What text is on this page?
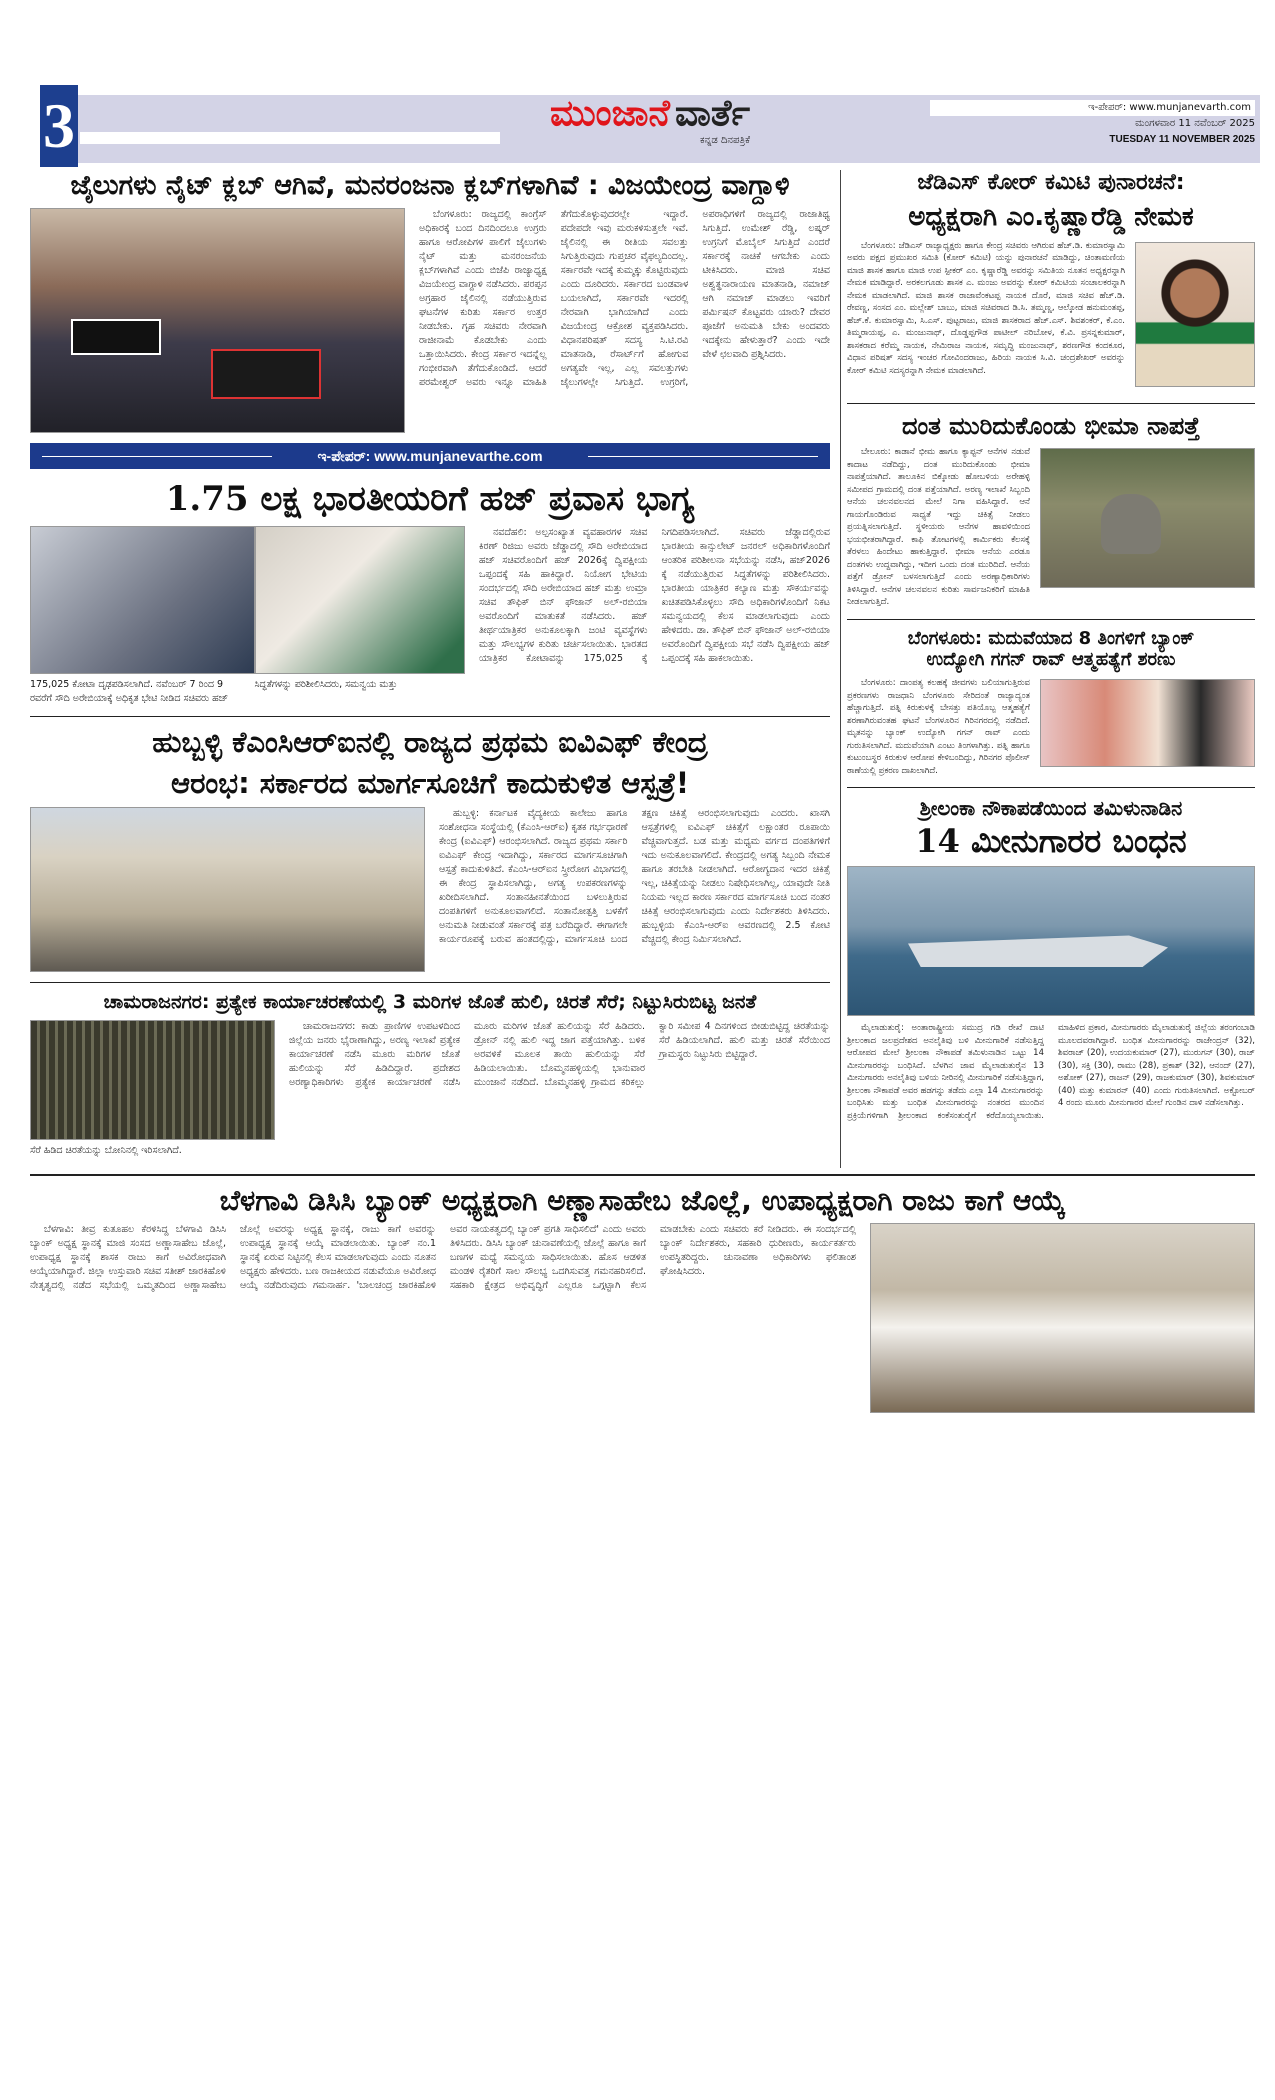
3	ಮುಂಜಾನೆ ವಾರ್ತೆ
ಕನ್ನಡ ದಿನಪತ್ರಿಕೆ
ಇ-ಪೇಪರ್: www.munjanevarth.com
ಮಂಗಳವಾರ 11 ನವೆಂಬರ್ 2025
TUESDAY 11 NOVEMBER 2025
ಜೈಲುಗಳು ನೈಟ್ ಕ್ಲಬ್ ಆಗಿವೆ, ಮನರಂಜನಾ ಕ್ಲಬ್‌ಗಳಾಗಿವೆ : ವಿಜಯೇಂದ್ರ ವಾಗ್ದಾಳಿ

ಬೆಂಗಳೂರು: ರಾಜ್ಯದಲ್ಲಿ ಕಾಂಗ್ರೆಸ್ ಅಧಿಕಾರಕ್ಕೆ ಬಂದ ದಿನದಿಂದಲೂ ಉಗ್ರರು ಹಾಗೂ ಆರೋಪಿಗಳ ಪಾಲಿಗೆ ಜೈಲುಗಳು ನೈಟ್ ಮತ್ತು ಮನರಂಜನೆಯ ಕ್ಲಬ್‌ಗಳಾಗಿವೆ ಎಂದು ಬಿಜೆಪಿ ರಾಜ್ಯಾಧ್ಯಕ್ಷ ವಿಜಯೇಂದ್ರ ವಾಗ್ದಾಳಿ ನಡೆಸಿದರು. ಪರಪ್ಪನ ಅಗ್ರಹಾರ ಜೈಲಿನಲ್ಲಿ ನಡೆಯುತ್ತಿರುವ ಘಟನೆಗಳ ಕುರಿತು ಸರ್ಕಾರ ಉತ್ತರ ನೀಡಬೇಕು. ಗೃಹ ಸಚಿವರು ನೇರವಾಗಿ ರಾಜೀನಾಮೆ ಕೊಡಬೇಕು ಎಂದು ಒತ್ತಾಯಿಸಿದರು. ಕೇಂದ್ರ ಸರ್ಕಾರ ಇದನ್ನೆಲ್ಲ ಗಂಭೀರವಾಗಿ ತೆಗೆದುಕೊಂಡಿದೆ. ಆದರೆ ಪರಮೇಶ್ವರ್ ಅವರು ಇನ್ನೂ ಮಾಹಿತಿ ತೆಗೆದುಕೊಳ್ಳುವುದರಲ್ಲೇ ಇದ್ದಾರೆ. ಪದೇಪದೇ ಇವು ಮರುಕಳಿಸುತ್ತಲೇ ಇವೆ. ಜೈಲಿನಲ್ಲಿ ಈ ರೀತಿಯ ಸವಲತ್ತು ಸಿಗುತ್ತಿರುವುದು ಗುಪ್ತಚರ ವೈಫಲ್ಯದಿಂದಲ್ಲ. ಸರ್ಕಾರವೇ ಇದಕ್ಕೆ ಕುಮ್ಮಕ್ಕು ಕೊಟ್ಟಿರುವುದು ಎಂದು ದೂರಿದರು. ಸರ್ಕಾರದ ಬಂಡವಾಳ ಬಯಲಾಗಿದೆ, ಸರ್ಕಾರವೇ ಇದರಲ್ಲಿ ನೇರವಾಗಿ ಭಾಗಿಯಾಗಿದೆ ಎಂದು ವಿಜಯೇಂದ್ರ ಆಕ್ರೋಶ ವ್ಯಕ್ತಪಡಿಸಿದರು. ವಿಧಾನಪರಿಷತ್ ಸದಸ್ಯ ಸಿ.ಟಿ.ರವಿ ಮಾತನಾಡಿ, ರೆಸಾರ್ಟ್‌ಗೆ ಹೋಗುವ ಅಗತ್ಯವೇ ಇಲ್ಲ, ಎಲ್ಲ ಸವಲತ್ತುಗಳು ಜೈಲುಗಳಲ್ಲೇ ಸಿಗುತ್ತಿದೆ. ಉಗ್ರರಿಗೆ, ಅಪರಾಧಿಗಳಿಗೆ ರಾಜ್ಯದಲ್ಲಿ ರಾಜಾತಿಥ್ಯ ಸಿಗುತ್ತಿದೆ. ಉಮೇಶ್ ರೆಡ್ಡಿ, ಲಷ್ಕರ್ ಉಗ್ರನಿಗೆ ಮೊಬೈಲ್ ಸಿಗುತ್ತಿದೆ ಎಂದರೆ ಸರ್ಕಾರಕ್ಕೆ ನಾಚಿಕೆ ಆಗಬೇಕು ಎಂದು ಟೀಕಿಸಿದರು. ಮಾಜಿ ಸಚಿವ ಅಶ್ವತ್ಥನಾರಾಯಣ ಮಾತನಾಡಿ, ನಮಾಜ್ ಆಗಿ ನಮಾಜ್ ಮಾಡಲು ಇವರಿಗೆ ಪರ್ಮಿಷನ್ ಕೊಟ್ಟವರು ಯಾರು? ದೇವರ ಪೂಜೆಗೆ ಅನುಮತಿ ಬೇಕು ಅಂದವರು ಇದಕ್ಕೇನು ಹೇಳುತ್ತಾರೆ? ಎಂದು ಇದೇ ವೇಳೆ ಛಲವಾದಿ ಪ್ರಶ್ನಿಸಿದರು.

ಇ-ಪೇಪರ್: www.munjanevarthe.com
1.75 ಲಕ್ಷ ಭಾರತೀಯರಿಗೆ ಹಜ್ ಪ್ರವಾಸ ಭಾಗ್ಯ
175,025 ಕೋಟಾ ದೃಢಪಡಿಸಲಾಗಿದೆ. ನವೆಂಬರ್ 7 ರಿಂದ 9 ರವರೆಗೆ ಸೌದಿ ಅರೇಬಿಯಾಕ್ಕೆ ಅಧಿಕೃತ ಭೇಟಿ ನೀಡಿದ ಸಚಿವರು ಹಜ್ ಸಿದ್ಧತೆಗಳನ್ನು ಪರಿಶೀಲಿಸಿದರು, ಸಮನ್ವಯ ಮತ್ತು

ನವದೆಹಲಿ: ಅಲ್ಪಸಂಖ್ಯಾತ ವ್ಯವಹಾರಗಳ ಸಚಿವ ಕಿರಣ್ ರಿಜಿಜು ಅವರು ಜೆಡ್ಡಾದಲ್ಲಿ ಸೌದಿ ಅರೇಬಿಯಾದ ಹಜ್ ಸಚಿವರೊಂದಿಗೆ ಹಜ್ 2026ಕ್ಕೆ ದ್ವಿಪಕ್ಷೀಯ ಒಪ್ಪಂದಕ್ಕೆ ಸಹಿ ಹಾಕಿದ್ದಾರೆ. ನಿಯೋಗ ಭೇಟಿಯ ಸಂದರ್ಭದಲ್ಲಿ ಸೌದಿ ಅರೇಬಿಯಾದ ಹಜ್ ಮತ್ತು ಉಮ್ರಾ ಸಚಿವ ತೌಫಿಕ್ ಬಿನ್ ಫೌಜಾನ್ ಅಲ್-ರಬಿಯಾ ಅವರೊಂದಿಗೆ ಮಾತುಕತೆ ನಡೆಸಿದರು. ಹಜ್ ತೀರ್ಥಯಾತ್ರಿಕರ ಅನುಕೂಲಕ್ಕಾಗಿ ಜಂಟಿ ವ್ಯವಸ್ಥೆಗಳು ಮತ್ತು ಸೌಲಭ್ಯಗಳ ಕುರಿತು ಚರ್ಚಿಸಲಾಯಿತು. ಭಾರತದ ಯಾತ್ರಿಕರ ಕೋಟಾವನ್ನು 175,025 ಕ್ಕೆ ನಿಗದಿಪಡಿಸಲಾಗಿದೆ. ಸಚಿವರು ಜೆಡ್ಡಾದಲ್ಲಿರುವ ಭಾರತೀಯ ಕಾನ್ಸುಲೇಟ್ ಜನರಲ್ ಅಧಿಕಾರಿಗಳೊಂದಿಗೆ ಆಂತರಿಕ ಪರಿಶೀಲನಾ ಸಭೆಯನ್ನು ನಡೆಸಿ, ಹಜ್2026 ಕ್ಕೆ ನಡೆಯುತ್ತಿರುವ ಸಿದ್ಧತೆಗಳನ್ನು ಪರಿಶೀಲಿಸಿದರು. ಭಾರತೀಯ ಯಾತ್ರಿಕರ ಕಲ್ಯಾಣ ಮತ್ತು ಸೌಕರ್ಯವನ್ನು ಖಚಿತಪಡಿಸಿಕೊಳ್ಳಲು ಸೌದಿ ಅಧಿಕಾರಿಗಳೊಂದಿಗೆ ನಿಕಟ ಸಮನ್ವಯದಲ್ಲಿ ಕೆಲಸ ಮಾಡಲಾಗುವುದು ಎಂದು ಹೇಳಿದರು. ಡಾ. ತೌಫಿಕ್ ಬಿನ್ ಫೌಜಾನ್ ಅಲ್-ರಬಿಯಾ ಅವರೊಂದಿಗೆ ದ್ವಿಪಕ್ಷೀಯ ಸಭೆ ನಡೆಸಿ ದ್ವಿಪಕ್ಷೀಯ ಹಜ್ ಒಪ್ಪಂದಕ್ಕೆ ಸಹಿ ಹಾಕಲಾಯಿತು.

ಹುಬ್ಬಳ್ಳಿ ಕೆಎಂಸಿಆರ್‌ಐನಲ್ಲಿ ರಾಜ್ಯದ ಪ್ರಥಮ ಐವಿಎಫ್ ಕೇಂದ್ರ
ಆರಂಭ: ಸರ್ಕಾರದ ಮಾರ್ಗಸೂಚಿಗೆ ಕಾದುಕುಳಿತ ಆಸ್ಪತ್ರೆ!

ಹುಬ್ಬಳ್ಳಿ: ಕರ್ನಾಟಕ ವೈದ್ಯಕೀಯ ಕಾಲೇಜು ಹಾಗೂ ಸಂಶೋಧನಾ ಸಂಸ್ಥೆಯಲ್ಲಿ (ಕೆಎಂಸಿ-ಆರ್‌ಐ) ಕೃತಕ ಗರ್ಭಧಾರಣೆ ಕೇಂದ್ರ (ಐವಿಎಫ್) ಆರಂಭಿಸಲಾಗಿದೆ. ರಾಜ್ಯದ ಪ್ರಥಮ ಸರ್ಕಾರಿ ಐವಿಎಫ್ ಕೇಂದ್ರ ಇದಾಗಿದ್ದು, ಸರ್ಕಾರದ ಮಾರ್ಗಸೂಚಿಗಾಗಿ ಆಸ್ಪತ್ರೆ ಕಾದುಕುಳಿತಿದೆ. ಕೆಎಂಸಿ-ಆರ್‌ಐನ ಸ್ತ್ರೀರೋಗ ವಿಭಾಗದಲ್ಲಿ ಈ ಕೇಂದ್ರ ಸ್ಥಾಪಿಸಲಾಗಿದ್ದು, ಅಗತ್ಯ ಉಪಕರಣಗಳನ್ನು ಖರೀದಿಸಲಾಗಿದೆ. ಸಂತಾನಹೀನತೆಯಿಂದ ಬಳಲುತ್ತಿರುವ ದಂಪತಿಗಳಿಗೆ ಅನುಕೂಲವಾಗಲಿದೆ. ಸಂತಾನೋತ್ಪತ್ತಿ ಬಳಕೆಗೆ ಅನುಮತಿ ನೀಡುವಂತೆ ಸರ್ಕಾರಕ್ಕೆ ಪತ್ರ ಬರೆದಿದ್ದಾರೆ. ಈಗಾಗಲೇ ಕಾರ್ಯರೂಪಕ್ಕೆ ಬರುವ ಹಂತದಲ್ಲಿದ್ದು, ಮಾರ್ಗಸೂಚಿ ಬಂದ ತಕ್ಷಣ ಚಿಕಿತ್ಸೆ ಆರಂಭಿಸಲಾಗುವುದು ಎಂದರು. ಖಾಸಗಿ ಆಸ್ಪತ್ರೆಗಳಲ್ಲಿ ಐವಿಎಫ್ ಚಿಕಿತ್ಸೆಗೆ ಲಕ್ಷಾಂತರ ರೂಪಾಯಿ ವೆಚ್ಚವಾಗುತ್ತದೆ. ಬಡ ಮತ್ತು ಮಧ್ಯಮ ವರ್ಗದ ದಂಪತಿಗಳಿಗೆ ಇದು ಅನುಕೂಲವಾಗಲಿದೆ. ಕೇಂದ್ರದಲ್ಲಿ ಅಗತ್ಯ ಸಿಬ್ಬಂದಿ ನೇಮಕ ಹಾಗೂ ತರಬೇತಿ ನೀಡಲಾಗಿದೆ. ಆರೋಗ್ಯದಾನ ಇದರ ಚಿಕಿತ್ಸೆ ಇಲ್ಲ, ಚಿಕಿತ್ಸೆಯನ್ನು ನೀಡಲು ನಿಷೇಧಿಸಲಾಗಿಲ್ಲ, ಯಾವುದೇ ನೀತಿ ನಿಯಮ ಇಲ್ಲದ ಕಾರಣ ಸರ್ಕಾರದ ಮಾರ್ಗಸೂಚಿ ಬಂದ ನಂತರ ಚಿಕಿತ್ಸೆ ಆರಂಭಿಸಲಾಗುವುದು ಎಂದು ನಿರ್ದೇಶಕರು ತಿಳಿಸಿದರು. ಹುಬ್ಬಳ್ಳಿಯ ಕೆಎಂಸಿ-ಆರ್‌ಐ ಆವರಣದಲ್ಲಿ 2.5 ಕೋಟಿ ವೆಚ್ಚದಲ್ಲಿ ಕೇಂದ್ರ ನಿರ್ಮಿಸಲಾಗಿದೆ.

ಚಾಮರಾಜನಗರ: ಪ್ರತ್ಯೇಕ ಕಾರ್ಯಾಚರಣೆಯಲ್ಲಿ 3 ಮರಿಗಳ ಜೊತೆ ಹುಲಿ, ಚಿರತೆ ಸೆರೆ; ನಿಟ್ಟುಸಿರುಬಿಟ್ಟ ಜನತೆ
ಸೆರೆ ಹಿಡಿದ ಚಿರತೆಯನ್ನು ಬೋನಿನಲ್ಲಿ ಇರಿಸಲಾಗಿದೆ.

ಚಾಮರಾಜನಗರ: ಕಾಡು ಪ್ರಾಣಿಗಳ ಉಪಟಳದಿಂದ ಜಿಲ್ಲೆಯ ಜನರು ಭೈರಾಣಾಗಿದ್ದು, ಅರಣ್ಯ ಇಲಾಖೆ ಪ್ರತ್ಯೇಕ ಕಾರ್ಯಾಚರಣೆ ನಡೆಸಿ ಮೂರು ಮರಿಗಳ ಜೊತೆ ಹುಲಿಯನ್ನು ಸೆರೆ ಹಿಡಿದಿದ್ದಾರೆ. ಪ್ರದೇಶದ ಅರಣ್ಯಾಧಿಕಾರಿಗಳು ಪ್ರತ್ಯೇಕ ಕಾರ್ಯಾಚರಣೆ ನಡೆಸಿ ಮೂರು ಮರಿಗಳ ಜೊತೆ ಹುಲಿಯನ್ನು ಸೆರೆ ಹಿಡಿದರು. ಡ್ರೋನ್ ನಲ್ಲಿ ಹುಲಿ ಇದ್ದ ಜಾಗ ಪತ್ತೆಯಾಗಿತ್ತು. ಬಳಿಕ ಅರವಳಿಕೆ ಮೂಲಕ ತಾಯಿ ಹುಲಿಯನ್ನು ಸೆರೆ ಹಿಡಿಯಲಾಯಿತು. ಬೊಮ್ಮನಹಳ್ಳಿಯಲ್ಲಿ ಭಾನುವಾರ ಮುಂಜಾನೆ ನಡೆದಿದೆ. ಬೊಮ್ಮನಹಳ್ಳಿ ಗ್ರಾಮದ ಕರಿಕಲ್ಲು ಕ್ವಾರಿ ಸಮೀಪ 4 ದಿನಗಳಿಂದ ಬೀಡುಬಿಟ್ಟಿದ್ದ ಚಿರತೆಯನ್ನು ಸೆರೆ ಹಿಡಿಯಲಾಗಿದೆ. ಹುಲಿ ಮತ್ತು ಚಿರತೆ ಸೆರೆಯಿಂದ ಗ್ರಾಮಸ್ಥರು ನಿಟ್ಟುಸಿರು ಬಿಟ್ಟಿದ್ದಾರೆ.

ಜೆಡಿಎಸ್ ಕೋರ್ ಕಮಿಟಿ ಪುನಾರಚನೆ:
ಅಧ್ಯಕ್ಷರಾಗಿ ಎಂ.ಕೃಷ್ಣಾರೆಡ್ಡಿ ನೇಮಕ

ಬೆಂಗಳೂರು: ಜೆಡಿಎಸ್ ರಾಜ್ಯಾಧ್ಯಕ್ಷರು ಹಾಗೂ ಕೇಂದ್ರ ಸಚಿವರು ಆಗಿರುವ ಹೆಚ್.ಡಿ. ಕುಮಾರಸ್ವಾಮಿ ಅವರು ಪಕ್ಷದ ಪ್ರಮುಖರ ಸಮಿತಿ (ಕೋರ್ ಕಮಿಟಿ) ಯನ್ನು ಪುನಾರಚನೆ ಮಾಡಿದ್ದು, ಚಿಂತಾಮಣಿಯ ಮಾಜಿ ಶಾಸಕ ಹಾಗೂ ಮಾಜಿ ಉಪ ಸ್ಪೀಕರ್ ಎಂ. ಕೃಷ್ಣಾರೆಡ್ಡಿ ಅವರನ್ನು ಸಮಿತಿಯ ನೂತನ ಅಧ್ಯಕ್ಷರನ್ನಾಗಿ ನೇಮಕ ಮಾಡಿದ್ದಾರೆ. ಅರಕಲಗೂಡು ಶಾಸಕ ಎ. ಮಂಜು ಅವರನ್ನು ಕೋರ್ ಕಮಿಟಿಯ ಸಂಚಾಲಕರನ್ನಾಗಿ ನೇಮಕ ಮಾಡಲಾಗಿದೆ. ಮಾಜಿ ಶಾಸಕ ರಾಜಾವೆಂಕಟಪ್ಪ ನಾಯಕ ದೊರೆ, ಮಾಜಿ ಸಚಿವ ಹೆಚ್.ಡಿ. ರೇವಣ್ಣ, ಸಂಸದ ಎಂ. ಮಲ್ಲೇಶ್ ಬಾಬು, ಮಾಜಿ ಸಚಿವರಾದ ಡಿ.ಸಿ. ತಮ್ಮಣ್ಣ, ಆಲ್ಕೋಡ ಹನುಮಂತಪ್ಪ, ಹೆಚ್.ಕೆ. ಕುಮಾರಸ್ವಾಮಿ, ಸಿ.ಎಸ್. ಪುಟ್ಟರಾಜು, ಮಾಜಿ ಶಾಸಕರಾದ ಹೆಚ್.ಎಸ್. ಶಿವಶಂಕರ್, ಕೆ.ಎಂ. ತಿಮ್ಮರಾಯಪ್ಪ, ಎ. ಮಂಜುನಾಥ್, ದೊಡ್ಡಪ್ಪಗೌಡ ಪಾಟೀಲ್ ನರಿಬೋಳ, ಕೆ.ವಿ. ಪ್ರಸನ್ನಕುಮಾರ್, ಶಾಸಕರಾದ ಕರೆಮ್ಮ ನಾಯಕ, ನೇಮಿರಾಜ ನಾಯಕ, ಸಮೃದ್ಧಿ ಮಂಜುನಾಥ್, ಶರಣಗೌಡ ಕಂದಕೂರ, ವಿಧಾನ ಪರಿಷತ್ ಸದಸ್ಯ ಇಂಚರ ಗೋವಿಂದರಾಜು, ಹಿರಿಯ ನಾಯಕ ಸಿ.ವಿ. ಚಂದ್ರಶೇಖರ್ ಅವರನ್ನು ಕೋರ್ ಕಮಿಟಿ ಸದಸ್ಯರನ್ನಾಗಿ ನೇಮಕ ಮಾಡಲಾಗಿದೆ.

ದಂತ ಮುರಿದುಕೊಂಡು ಭೀಮಾ ನಾಪತ್ತೆ

ಬೇಲೂರು: ಕಾಡಾನೆ ಭೀಮ ಹಾಗೂ ಕ್ಯಾಪ್ಟನ್ ಆನೆಗಳ ನಡುವೆ ಕಾದಾಟ ನಡೆದಿದ್ದು, ದಂತ ಮುರಿದುಕೊಂಡು ಭೀಮಾ ನಾಪತ್ತೆಯಾಗಿದೆ. ತಾಲೂಕಿನ ಬಿಕ್ಕೋಡು ಹೋಬಳಿಯ ಅರೇಹಳ್ಳಿ ಸಮೀಪದ ಗ್ರಾಮದಲ್ಲಿ ದಂತ ಪತ್ತೆಯಾಗಿದೆ. ಅರಣ್ಯ ಇಲಾಖೆ ಸಿಬ್ಬಂದಿ ಆನೆಯ ಚಲನವಲನದ ಮೇಲೆ ನಿಗಾ ವಹಿಸಿದ್ದಾರೆ. ಆನೆ ಗಾಯಗೊಂಡಿರುವ ಸಾಧ್ಯತೆ ಇದ್ದು ಚಿಕಿತ್ಸೆ ನೀಡಲು ಪ್ರಯತ್ನಿಸಲಾಗುತ್ತಿದೆ. ಸ್ಥಳೀಯರು ಆನೆಗಳ ಹಾವಳಿಯಿಂದ ಭಯಭೀತರಾಗಿದ್ದಾರೆ. ಕಾಫಿ ತೋಟಗಳಲ್ಲಿ ಕಾರ್ಮಿಕರು ಕೆಲಸಕ್ಕೆ ತೆರಳಲು ಹಿಂದೇಟು ಹಾಕುತ್ತಿದ್ದಾರೆ. ಭೀಮಾ ಆನೆಯ ಎರಡೂ ದಂತಗಳು ಉದ್ದವಾಗಿದ್ದು, ಇದೀಗ ಒಂದು ದಂತ ಮುರಿದಿದೆ. ಆನೆಯ ಪತ್ತೆಗೆ ಡ್ರೋನ್ ಬಳಸಲಾಗುತ್ತಿದೆ ಎಂದು ಅರಣ್ಯಾಧಿಕಾರಿಗಳು ತಿಳಿಸಿದ್ದಾರೆ. ಆನೆಗಳ ಚಲನವಲನ ಕುರಿತು ಸಾರ್ವಜನಿಕರಿಗೆ ಮಾಹಿತಿ ನೀಡಲಾಗುತ್ತಿದೆ.

ಬೆಂಗಳೂರು: ಮದುವೆಯಾದ 8 ತಿಂಗಳಿಗೆ ಬ್ಯಾಂಕ್
ಉದ್ಯೋಗಿ ಗಗನ್ ರಾವ್ ಆತ್ಮಹತ್ಯೆಗೆ ಶರಣು

ಬೆಂಗಳೂರು: ದಾಂಪತ್ಯ ಕಲಹಕ್ಕೆ ಜೀವಗಳು ಬಲಿಯಾಗುತ್ತಿರುವ ಪ್ರಕರಣಗಳು ರಾಜಧಾನಿ ಬೆಂಗಳೂರು ಸೇರಿದಂತೆ ರಾಜ್ಯಾದ್ಯಂತ ಹೆಚ್ಚಾಗುತ್ತಿದೆ. ಪತ್ನಿ ಕಿರುಕುಳಕ್ಕೆ ಬೇಸತ್ತು ಪತಿಯೊಬ್ಬ ಆತ್ಮಹತ್ಯೆಗೆ ಶರಣಾಗಿರುವಂತಹ ಘಟನೆ ಬೆಂಗಳೂರಿನ ಗಿರಿನಗರದಲ್ಲಿ ನಡೆದಿದೆ. ಮೃತನನ್ನು ಬ್ಯಾಂಕ್ ಉದ್ಯೋಗಿ ಗಗನ್ ರಾವ್ ಎಂದು ಗುರುತಿಸಲಾಗಿದೆ. ಮದುವೆಯಾಗಿ ಎಂಟು ತಿಂಗಳಾಗಿತ್ತು. ಪತ್ನಿ ಹಾಗೂ ಕುಟುಂಬಸ್ಥರ ಕಿರುಕುಳ ಆರೋಪ ಕೇಳಿಬಂದಿದ್ದು, ಗಿರಿನಗರ ಪೊಲೀಸ್ ಠಾಣೆಯಲ್ಲಿ ಪ್ರಕರಣ ದಾಖಲಾಗಿದೆ.

ಶ್ರೀಲಂಕಾ ನೌಕಾಪಡೆಯಿಂದ ತಮಿಳುನಾಡಿನ
14 ಮೀನುಗಾರರ ಬಂಧನ

ಮೈಲಾಡುತುರೈ: ಅಂತಾರಾಷ್ಟ್ರೀಯ ಸಮುದ್ರ ಗಡಿ ರೇಖೆ ದಾಟಿ ಶ್ರೀಲಂಕಾದ ಜಲಪ್ರದೇಶದ ಅನಲೈತಿವು ಬಳಿ ಮೀನುಗಾರಿಕೆ ನಡೆಸುತ್ತಿದ್ದ ಆರೋಪದ ಮೇಲೆ ಶ್ರೀಲಂಕಾ ನೌಕಾಪಡೆ ತಮಿಳುನಾಡಿನ ಒಟ್ಟು 14 ಮೀನುಗಾರರನ್ನು ಬಂಧಿಸಿದೆ. ಬೆಳಗಿನ ಜಾವ ಮೈಲಾಡುತುರೈನ 13 ಮೀನುಗಾರರು ಅನಲೈತಿವು ಬಳಿಯ ನೀರಿನಲ್ಲಿ ಮೀನುಗಾರಿಕೆ ನಡೆಸುತ್ತಿದ್ದಾಗ, ಶ್ರೀಲಂಕಾ ನೌಕಾಪಡೆ ಅವರ ಹಡಗನ್ನು ತಡೆದು ಎಲ್ಲಾ 14 ಮೀನುಗಾರರನ್ನು ಬಂಧಿಸಿತು ಮತ್ತು ಬಂಧಿತ ಮೀನುಗಾರರನ್ನು ನಂತರದ ಮುಂದಿನ ಪ್ರಕ್ರಿಯೆಗಳಿಗಾಗಿ ಶ್ರೀಲಂಕಾದ ಕಂಕೆಸಂತುರೈಗೆ ಕರೆದೊಯ್ಯಲಾಯಿತು. ಮಾಹಿಳಿದ ಪ್ರಕಾರ, ಮೀನುಗಾರರು ಮೈಲಾಡುತುರೈ ಜಿಲ್ಲೆಯ ತರಂಗಂಬಾಡಿ ಮೂಲದವರಾಗಿದ್ದಾರೆ. ಬಂಧಿತ ಮೀನುಗಾರರನ್ನು ರಾಜೇಂದ್ರನ್ (32), ಶಿವರಾಜ್ (20), ಉದಯಕುಮಾರ್ (27), ಮುರುಗನ್ (30), ರಾಜ್ (30), ಸಕ್ತಿ (30), ರಾಮು (28), ಪ್ರಕಾಶ್ (32), ಆನಂದ್ (27), ಅಶೋಕ್ (27), ರಾಜನ್ (29), ರಾಜಕುಮಾರ್ (30), ಶಿವಕುಮಾರ್ (40) ಮತ್ತು ಕುಮಾರನ್ (40) ಎಂದು ಗುರುತಿಸಲಾಗಿದೆ. ಅಕ್ಟೋಬರ್ 4 ರಂದು ಮೂರು ಮೀನುಗಾರರ ಮೇಲೆ ಗುಂಡಿನ ದಾಳಿ ನಡೆಸಲಾಗಿತ್ತು.

ಬೆಳಗಾವಿ ಡಿಸಿಸಿ ಬ್ಯಾಂಕ್ ಅಧ್ಯಕ್ಷರಾಗಿ ಅಣ್ಣಾಸಾಹೇಬ ಜೊಲ್ಲೆ, ಉಪಾಧ್ಯಕ್ಷರಾಗಿ ರಾಜು ಕಾಗೆ ಆಯ್ಕೆ

ಬೆಳಗಾವಿ: ತೀವ್ರ ಕುತೂಹಲ ಕೆರಳಿಸಿದ್ದ ಬೆಳಗಾವಿ ಡಿಸಿಸಿ ಬ್ಯಾಂಕ್ ಅಧ್ಯಕ್ಷ ಸ್ಥಾನಕ್ಕೆ ಮಾಜಿ ಸಂಸದ ಅಣ್ಣಾಸಾಹೇಬ ಜೊಲ್ಲೆ, ಉಪಾಧ್ಯಕ್ಷ ಸ್ಥಾನಕ್ಕೆ ಶಾಸಕ ರಾಜು ಕಾಗೆ ಅವಿರೋಧವಾಗಿ ಆಯ್ಕೆಯಾಗಿದ್ದಾರೆ. ಜಿಲ್ಲಾ ಉಸ್ತುವಾರಿ ಸಚಿವ ಸತೀಶ್ ಜಾರಕಿಹೊಳಿ ನೇತೃತ್ವದಲ್ಲಿ ನಡೆದ ಸಭೆಯಲ್ಲಿ ಒಮ್ಮತದಿಂದ ಅಣ್ಣಾಸಾಹೇಬ ಜೊಲ್ಲೆ ಅವರನ್ನು ಅಧ್ಯಕ್ಷ ಸ್ಥಾನಕ್ಕೆ, ರಾಜು ಕಾಗೆ ಅವರನ್ನು ಉಪಾಧ್ಯಕ್ಷ ಸ್ಥಾನಕ್ಕೆ ಆಯ್ಕೆ ಮಾಡಲಾಯಿತು. ಬ್ಯಾಂಕ್ ನಂ.1 ಸ್ಥಾನಕ್ಕೆ ಏರುವ ನಿಟ್ಟಿನಲ್ಲಿ ಕೆಲಸ ಮಾಡಲಾಗುವುದು ಎಂದು ನೂತನ ಅಧ್ಯಕ್ಷರು ಹೇಳಿದರು. ಬಣ ರಾಜಕೀಯದ ನಡುವೆಯೂ ಅವಿರೋಧ ಆಯ್ಕೆ ನಡೆದಿರುವುದು ಗಮನಾರ್ಹ. 'ಬಾಲಚಂದ್ರ ಜಾರಕಿಹೊಳಿ ಅವರ ನಾಯಕತ್ವದಲ್ಲಿ ಬ್ಯಾಂಕ್ ಪ್ರಗತಿ ಸಾಧಿಸಲಿದೆ' ಎಂದು ಅವರು ತಿಳಿಸಿದರು. ಡಿಸಿಸಿ ಬ್ಯಾಂಕ್ ಚುನಾವಣೆಯಲ್ಲಿ ಜೊಲ್ಲೆ ಹಾಗೂ ಕಾಗೆ ಬಣಗಳ ಮಧ್ಯೆ ಸಮನ್ವಯ ಸಾಧಿಸಲಾಯಿತು. ಹೊಸ ಆಡಳಿತ ಮಂಡಳಿ ರೈತರಿಗೆ ಸಾಲ ಸೌಲಭ್ಯ ಒದಗಿಸುವತ್ತ ಗಮನಹರಿಸಲಿದೆ. ಸಹಕಾರಿ ಕ್ಷೇತ್ರದ ಅಭಿವೃದ್ಧಿಗೆ ಎಲ್ಲರೂ ಒಗ್ಗಟ್ಟಾಗಿ ಕೆಲಸ ಮಾಡಬೇಕು ಎಂದು ಸಚಿವರು ಕರೆ ನೀಡಿದರು. ಈ ಸಂದರ್ಭದಲ್ಲಿ ಬ್ಯಾಂಕ್ ನಿರ್ದೇಶಕರು, ಸಹಕಾರಿ ಧುರೀಣರು, ಕಾರ್ಯಕರ್ತರು ಉಪಸ್ಥಿತರಿದ್ದರು. ಚುನಾವಣಾ ಅಧಿಕಾರಿಗಳು ಫಲಿತಾಂಶ ಘೋಷಿಸಿದರು.
